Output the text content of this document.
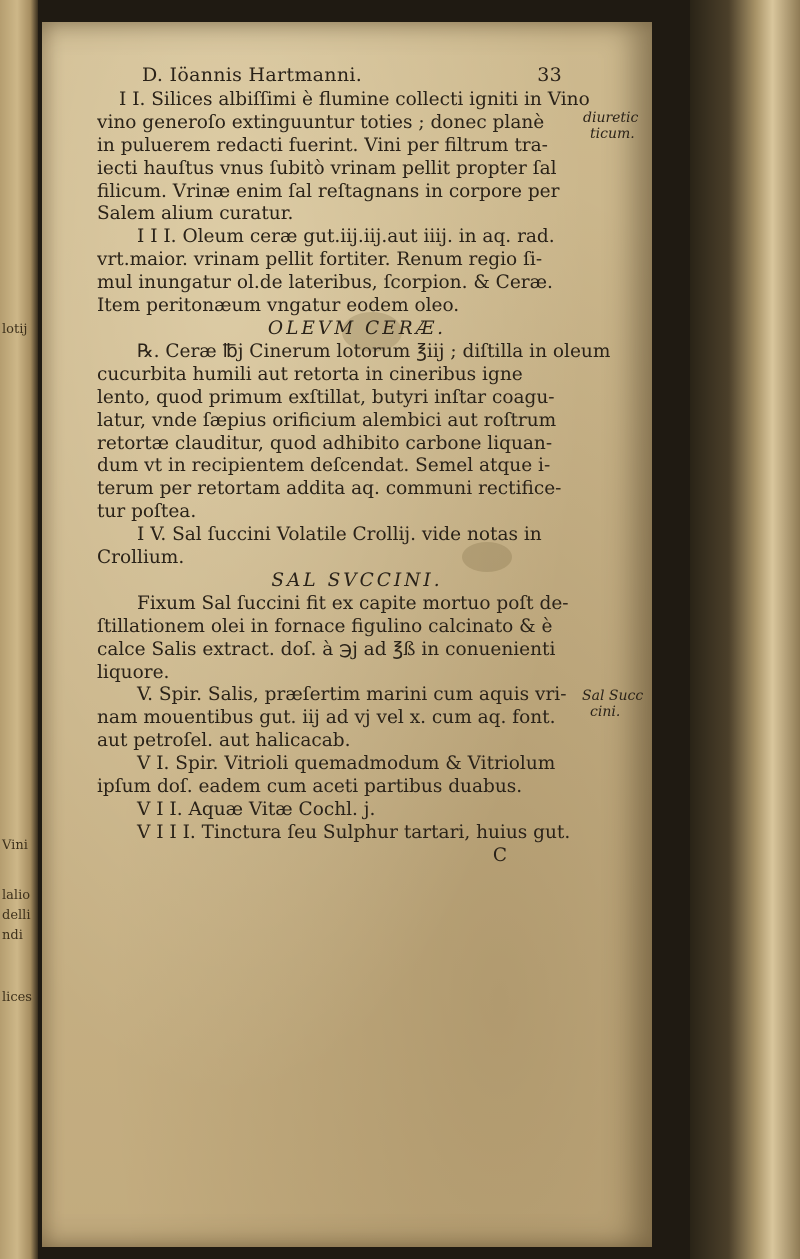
lotij
Vini
lalio
delli
ndi
lices
D. Iöannis Hartmanni.	33
I I. Silices albiſſimi è flumine collecti igniti in Vino
vino generoſo extinguuntur toties ; donec planè
in puluerem redacti fuerint. Vini per filtrum tra-
iecti hauſtus vnus ſubitò vrinam pellit propter ſal
filicum. Vrinæ enim ſal reſtagnans in corpore per
Salem alium curatur.
I I I. Oleum ceræ gut.iij.iij.aut iiij. in aq. rad.
vrt.maior. vrinam pellit fortiter. Renum regio ſi-
mul inungatur ol.de lateribus, ſcorpion. & Ceræ.
Item peritonæum vngatur eodem oleo.
OLEVM CERÆ.
℞. Ceræ ℔j Cinerum lotorum ℥iij ; diſtilla in oleum
cucurbita humili aut retorta in cineribus igne
lento, quod primum exſtillat, butyri inſtar coagu-
latur, vnde ſæpius orificium alembici aut roſtrum
retortæ clauditur, quod adhibito carbone liquan-
dum vt in recipientem deſcendat. Semel atque i-
terum per retortam addita aq. communi rectifice-
tur poſtea.
I V. Sal ſuccini Volatile Crollij. vide notas in
Crollium.
SAL SVCCINI.
Fixum Sal ſuccini fit ex capite mortuo poſt de-
ſtillationem olei in fornace figulino calcinato & è
calce Salis extract. doſ. à ℈j ad ℥ß in conuenienti
liquore.
V. Spir. Salis, præſertim marini cum aquis vri-
nam mouentibus gut. iij ad vj vel x. cum aq. font.
aut petroſel. aut halicacab.
V I. Spir. Vitrioli quemadmodum & Vitriolum
ipſum doſ. eadem cum aceti partibus duabus.
V I I. Aquæ Vitæ Cochl. j.
V I I I. Tinctura ſeu Sulphur tartari, huius gut.
C
diuretic
ticum.
Sal Succ
cini.
